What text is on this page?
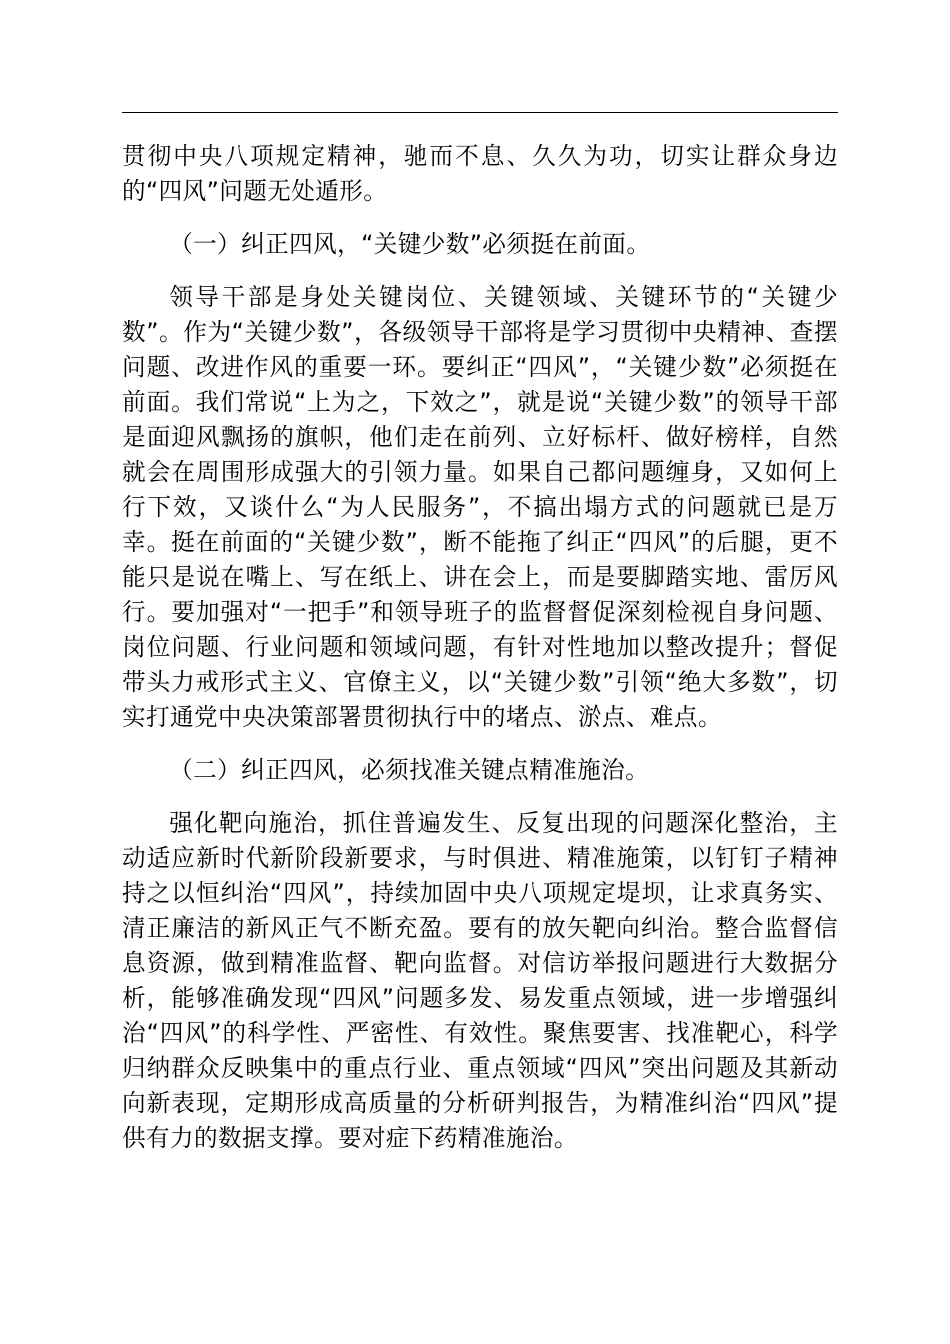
贯彻中央八项规定精神，驰而不息、久久为功，切实让群众身边的“四风”问题无处遁形。

（一）纠正四风，“关键少数”必须挺在前面。

领导干部是身处关键岗位、关键领域、关键环节的“关键少数”。作为“关键少数”，各级领导干部将是学习贯彻中央精神、查摆问题、改进作风的重要一环。要纠正“四风”，“关键少数”必须挺在前面。我们常说“上为之，下效之”，就是说“关键少数”的领导干部是面迎风飘扬的旗帜，他们走在前列、立好标杆、做好榜样，自然就会在周围形成强大的引领力量。如果自己都问题缠身，又如何上行下效，又谈什么“为人民服务”，不搞出塌方式的问题就已是万幸。挺在前面的“关键少数”，断不能拖了纠正“四风”的后腿，更不能只是说在嘴上、写在纸上、讲在会上，而是要脚踏实地、雷厉风行。要加强对“一把手”和领导班子的监督督促深刻检视自身问题、岗位问题、行业问题和领域问题，有针对性地加以整改提升；督促带头力戒形式主义、官僚主义，以“关键少数”引领“绝大多数”，切实打通党中央决策部署贯彻执行中的堵点、淤点、难点。

（二）纠正四风，必须找准关键点精准施治。

强化靶向施治，抓住普遍发生、反复出现的问题深化整治，主动适应新时代新阶段新要求，与时俱进、精准施策，以钉钉子精神持之以恒纠治“四风”，持续加固中央八项规定堤坝，让求真务实、清正廉洁的新风正气不断充盈。要有的放矢靶向纠治。整合监督信息资源，做到精准监督、靶向监督。对信访举报问题进行大数据分析，能够准确发现“四风”问题多发、易发重点领域，进一步增强纠治“四风”的科学性、严密性、有效性。聚焦要害、找准靶心，科学归纳群众反映集中的重点行业、重点领域“四风”突出问题及其新动向新表现，定期形成高质量的分析研判报告，为精准纠治“四风”提供有力的数据支撑。要对症下药精准施治。
